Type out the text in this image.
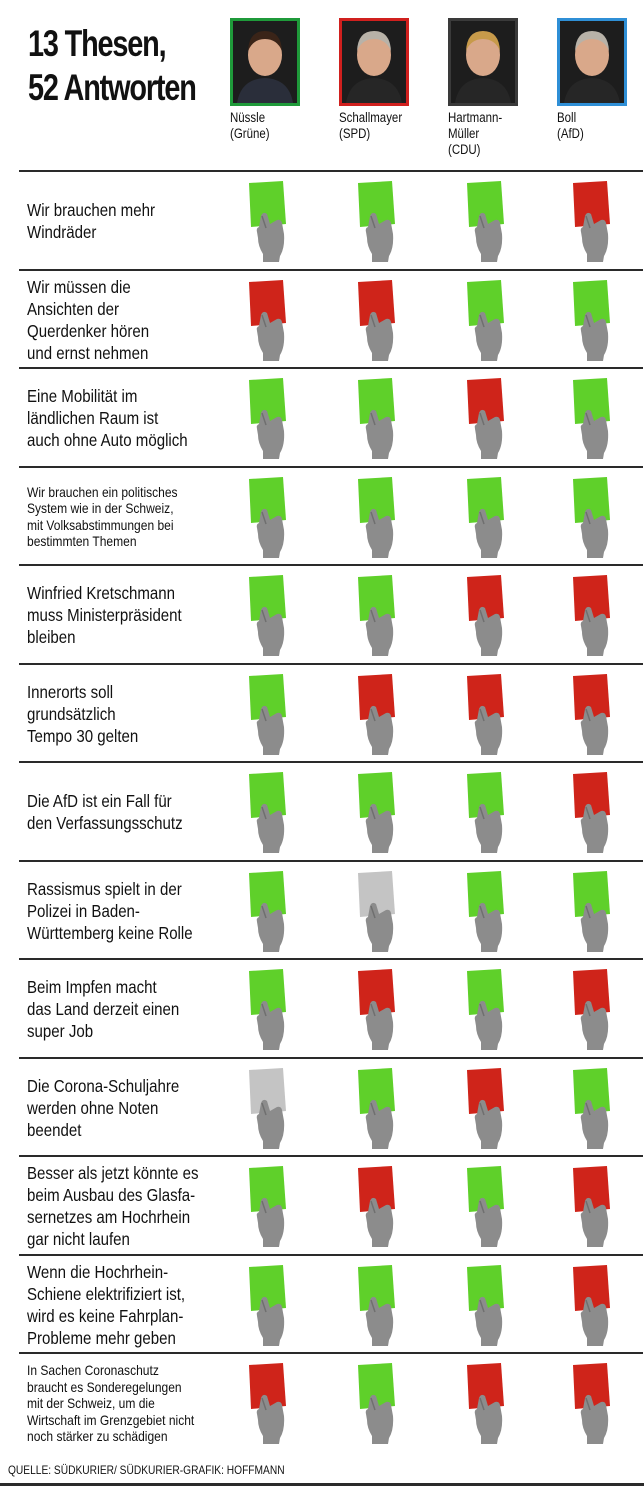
13 Thesen,
52 Antworten
Nüssle
(Grüne)
Schallmayer
(SPD)
Hartmann-
Müller
(CDU)
Boll
(AfD)
Wir brauchen mehr
Windräder
Wir müssen die
Ansichten der
Querdenker hören
und ernst nehmen
Eine Mobilität im
ländlichen Raum ist
auch ohne Auto möglich
Wir brauchen ein politisches
System wie in der Schweiz,
mit Volksabstimmungen bei
bestimmten Themen
Winfried Kretschmann
muss Ministerpräsident
bleiben
Innerorts soll
grundsätzlich
Tempo 30 gelten
Die AfD ist ein Fall für
den Verfassungsschutz
Rassismus spielt in der
Polizei in Baden-
Württemberg keine Rolle
Beim Impfen macht
das Land derzeit einen
super Job
Die Corona-Schuljahre
werden ohne Noten
beendet
Besser als jetzt könnte es
beim Ausbau des Glasfa-
sernetzes am Hochrhein
gar nicht laufen
Wenn die Hochrhein-
Schiene elektrifiziert ist,
wird es keine Fahrplan-
Probleme mehr geben
In Sachen Coronaschutz
braucht es Sonderegelungen
mit der Schweiz, um die
Wirtschaft im Grenzgebiet nicht
noch stärker zu schädigen
QUELLE: SÜDKURIER/ SÜDKURIER-GRAFIK: HOFFMANN
